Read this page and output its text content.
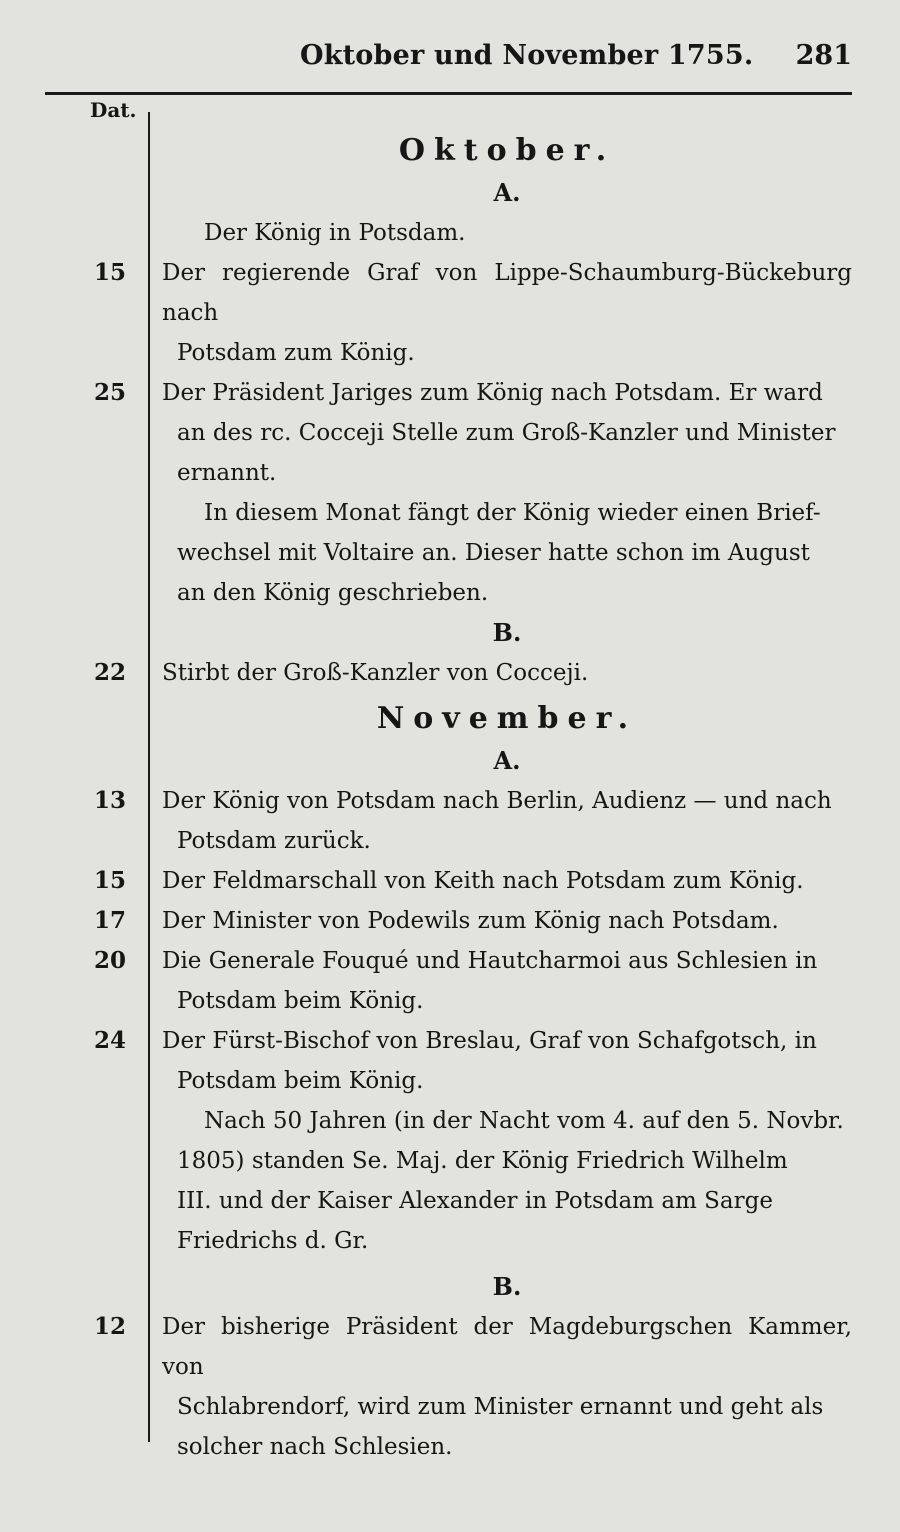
Oktober und November 1755. 281
Dat.
Oktober.
A.
Der König in Potsdam.
15 Der regierende Graf von Lippe-Schaumburg-Bückeburg nach
Potsdam zum König.
25 Der Präsident Jariges zum König nach Potsdam. Er ward
an des rc. Cocceji Stelle zum Groß-Kanzler und Minister
ernannt.
In diesem Monat fängt der König wieder einen Brief-
wechsel mit Voltaire an. Dieser hatte schon im August
an den König geschrieben.
B.
22 Stirbt der Groß-Kanzler von Cocceji.
November.
A.
13 Der König von Potsdam nach Berlin, Audienz — und nach
Potsdam zurück.
15 Der Feldmarschall von Keith nach Potsdam zum König.
17 Der Minister von Podewils zum König nach Potsdam.
20 Die Generale Fouqué und Hautcharmoi aus Schlesien in
Potsdam beim König.
24 Der Fürst-Bischof von Breslau, Graf von Schafgotsch, in
Potsdam beim König.
Nach 50 Jahren (in der Nacht vom 4. auf den 5. Novbr.
1805) standen Se. Maj. der König Friedrich Wilhelm
III. und der Kaiser Alexander in Potsdam am Sarge
Friedrichs d. Gr.
B.
12 Der bisherige Präsident der Magdeburgschen Kammer, von
Schlabrendorf, wird zum Minister ernannt und geht als
solcher nach Schlesien.
